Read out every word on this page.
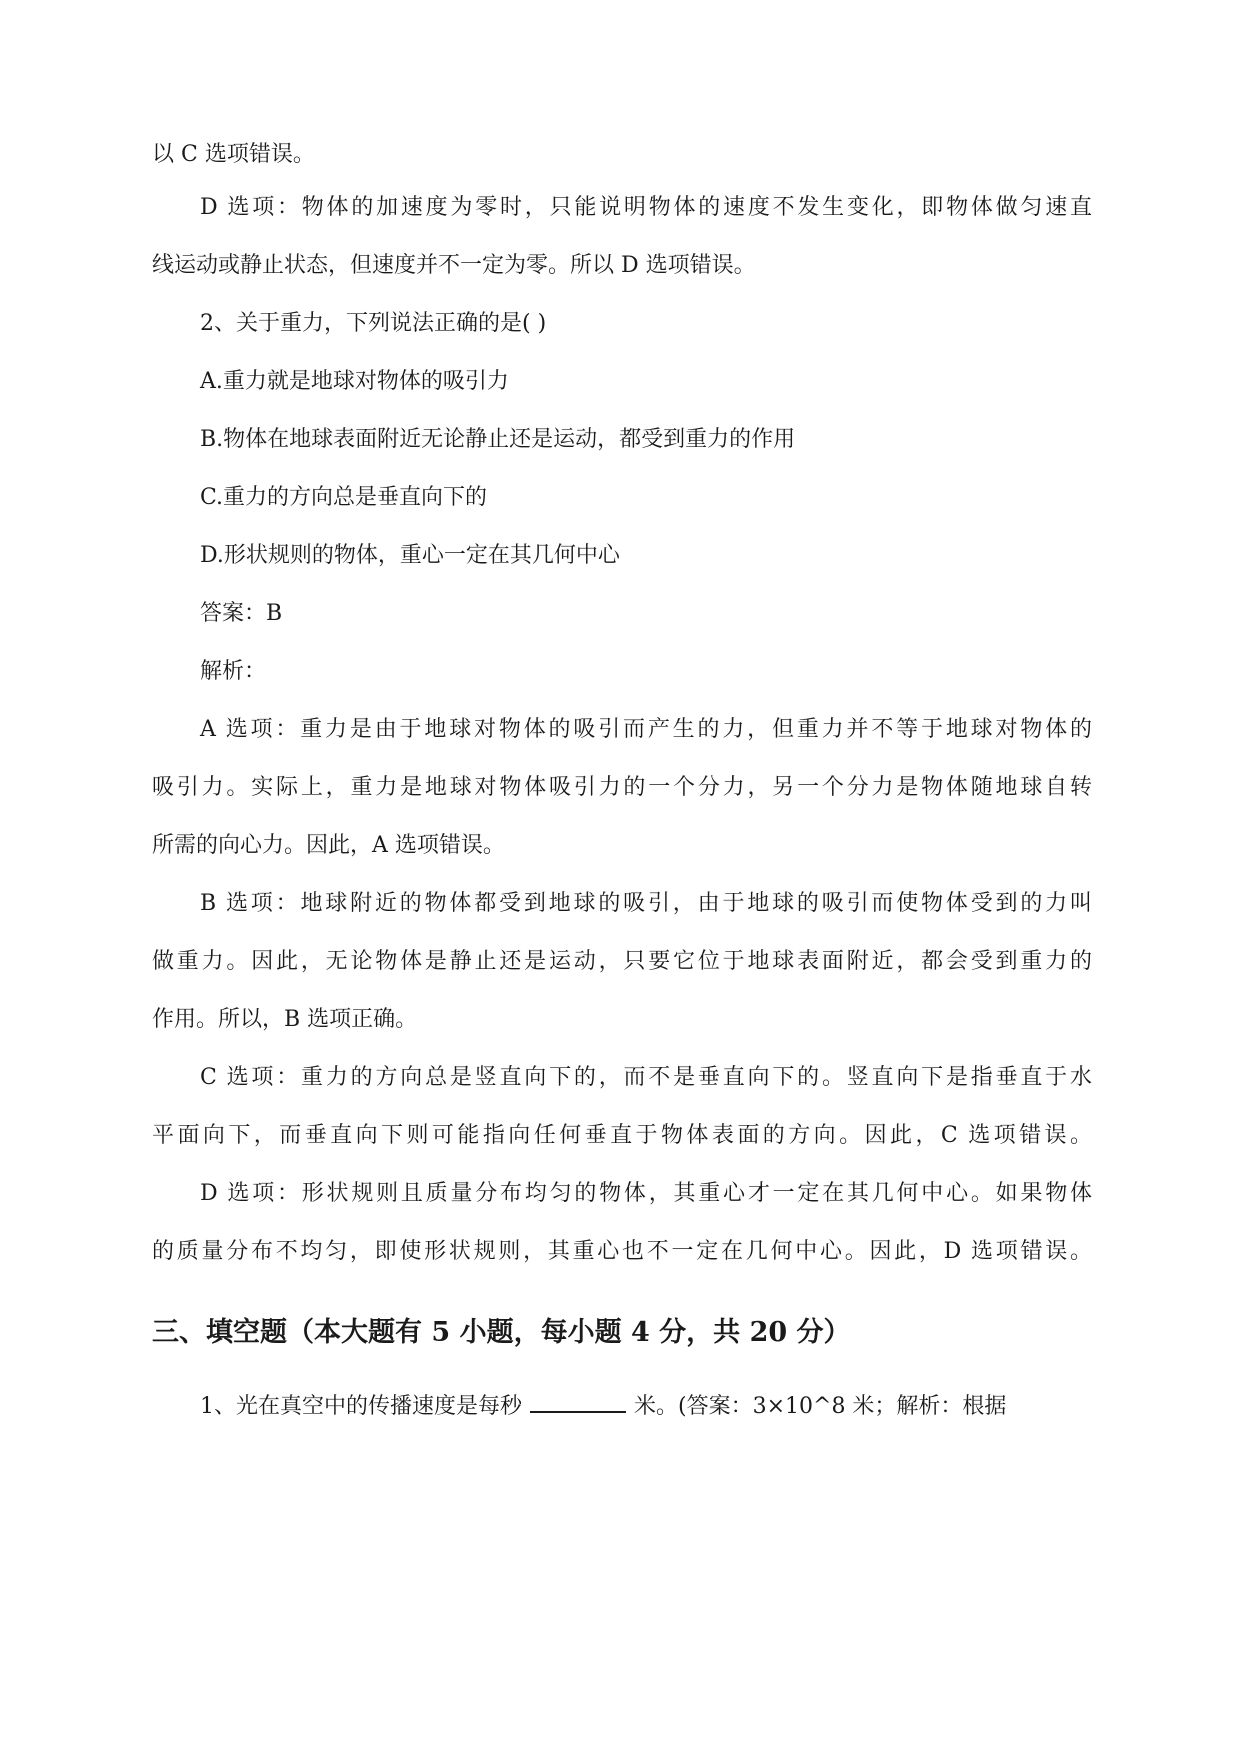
以 C 选项错误。
D 选项：物体的加速度为零时，只能说明物体的速度不发生变化，即物体做匀速直
线运动或静止状态，但速度并不一定为零。所以 D 选项错误。
2、关于重力，下列说法正确的是( )
A.重力就是地球对物体的吸引力
B.物体在地球表面附近无论静止还是运动，都受到重力的作用
C.重力的方向总是垂直向下的
D.形状规则的物体，重心一定在其几何中心
答案：B
解析：
A 选项：重力是由于地球对物体的吸引而产生的力，但重力并不等于地球对物体的
吸引力。实际上，重力是地球对物体吸引力的一个分力，另一个分力是物体随地球自转
所需的向心力。因此，A 选项错误。
B 选项：地球附近的物体都受到地球的吸引，由于地球的吸引而使物体受到的力叫
做重力。因此，无论物体是静止还是运动，只要它位于地球表面附近，都会受到重力的
作用。所以，B 选项正确。
C 选项：重力的方向总是竖直向下的，而不是垂直向下的。竖直向下是指垂直于水
平面向下，而垂直向下则可能指向任何垂直于物体表面的方向。因此，C 选项错误。
D 选项：形状规则且质量分布均匀的物体，其重心才一定在其几何中心。如果物体
的质量分布不均匀，即使形状规则，其重心也不一定在几何中心。因此，D 选项错误。
三、填空题（本大题有 5 小题，每小题 4 分，共 20 分）
1、光在真空中的传播速度是每秒	米。(答案：3×10^8 米；解析：根据
